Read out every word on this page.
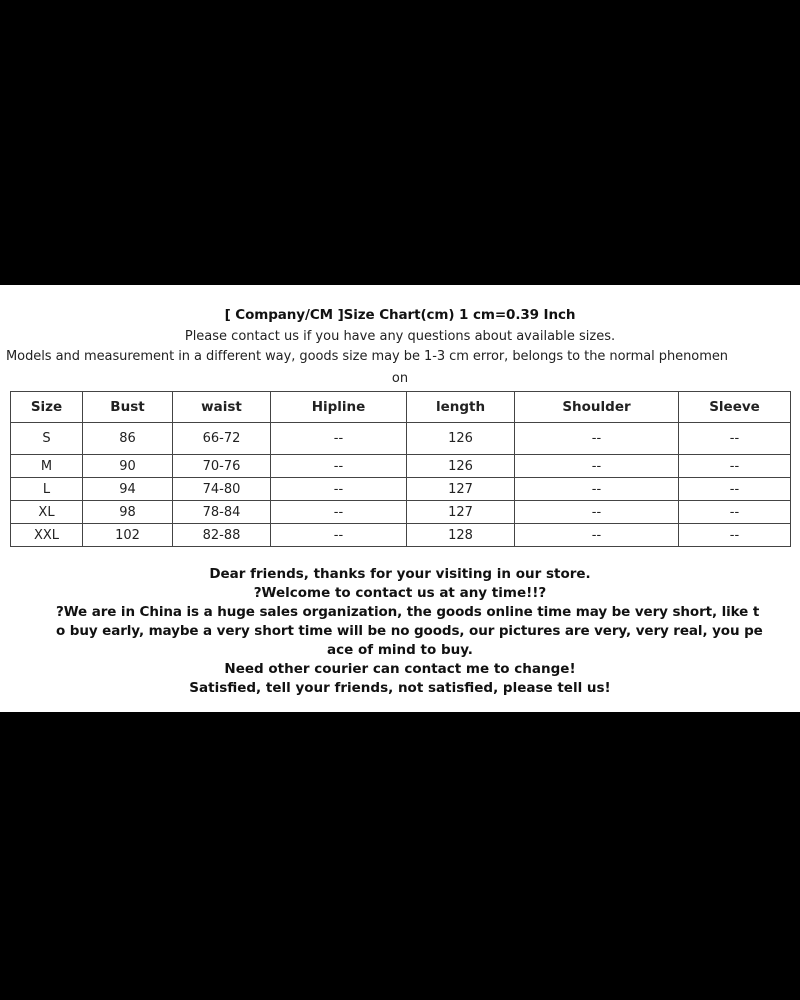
[ Company/CM ]Size Chart(cm) 1 cm=0.39 Inch
Please contact us if you have any questions about available sizes.
Models and measurement in a different way, goods size may be 1-3 cm error, belongs to the normal phenomen
on
Size	Bust	waist	Hipline	length	Shoulder	Sleeve
S	86	66-72	--	126	--	--
M	90	70-76	--	126	--	--
L	94	74-80	--	127	--	--
XL	98	78-84	--	127	--	--
XXL	102	82-88	--	128	--	--
Dear friends, thanks for your visiting in our store.
?Welcome to contact us at any time!!?
?We are in China is a huge sales organization, the goods online time may be very short, like t
o buy early, maybe a very short time will be no goods, our pictures are very, very real, you pe
ace of mind to buy.
Need other courier can contact me to change!
Satisfied, tell your friends, not satisfied, please tell us!
